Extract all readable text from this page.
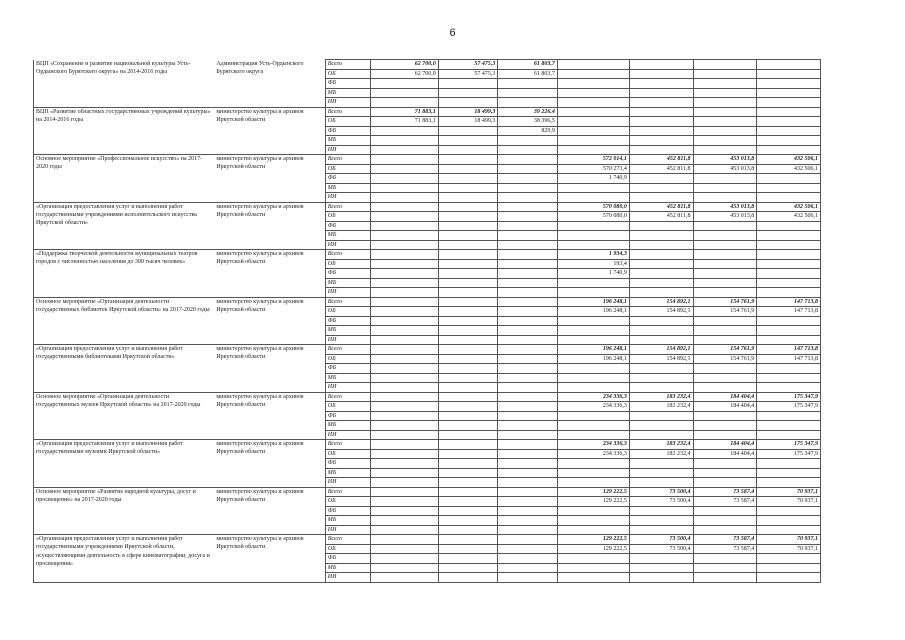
6
ВЦП «Сохранение и развитие национальной культуры Усть-Ордынского Бурятского округа» на 2014-2016 годы	Администрация Усть-Ордынского Бурятского округа	Всего	62 700,0	57 475,3	61 803,7				
		ОБ	62 700,0	57 475,3	61 803,7				
		ФБ							
		МБ							
		ИИ							
ВЦП «Развитие областных государственных учреждений культуры» на 2014-2016 годы	министерство культуры и архивов Иркутской области	Всего	71 883,1	18 499,3	39 226,4				
		ОБ	71 883,1	18 499,3	38 396,5				
		ФБ			829,9				
		МБ							
		ИИ							
Основное мероприятие «Профессиональное искусство» на 2017-2020 годы	министерство культуры и архивов Иркутской области	Всего				572 014,1	452 811,8	453 013,8	432 506,1
		ОБ				570 273,4	452 811,8	453 013,8	432 506,1
		ФБ				1 740,9			
		МБ							
		ИИ							
«Организация предоставления услуг и выполнения работ государственными учреждениями исполнительского искусства Иркутской области»	министерство культуры и архивов Иркутской области	Всего				570 080,0	452 811,8	453 013,8	432 506,1
		ОБ				570 080,0	452 811,8	453 013,8	432 506,1
		ФБ							
		МБ							
		ИИ							
«Поддержка творческой деятельности муниципальных театров городов с численностью населения до 300 тысяч человек»	министерство культуры и архивов Иркутской области	Всего				1 934,3			
		ОБ				193,4			
		ФБ				1 740,9			
		МБ							
		ИИ							
Основное мероприятие «Организация деятельности государственных библиотек Иркутской области» на 2017-2020 годы	министерство культуры и архивов Иркутской области	Всего				196 248,1	154 892,1	154 761,9	147 713,8
		ОБ				196 248,1	154 892,1	154 761,9	147 713,8
		ФБ							
		МБ							
		ИИ							
«Организация предоставления услуг и выполнения работ государственными библиотеками Иркутской области»	министерство культуры и архивов Иркутской области	Всего				196 248,1	154 892,1	154 761,9	147 713,8
		ОБ				196 248,1	154 892,1	154 761,9	147 713,8
		ФБ							
		МБ							
		ИИ							
Основное мероприятие «Организация деятельности государственных музеев Иркутской области» на 2017-2020 годы	министерство культуры и архивов Иркутской области	Всего				234 336,3	183 232,4	184 404,4	175 347,9
		ОБ				234 336,3	183 232,4	184 404,4	175 347,9
		ФБ							
		МБ							
		ИИ							
«Организация предоставления услуг и выполнения работ государственными музеями Иркутской области»	министерство культуры и архивов Иркутской области	Всего				234 336,3	183 232,4	184 404,4	175 347,9
		ОБ				234 336,3	183 232,4	184 404,4	175 347,9
		ФБ							
		МБ							
		ИИ							
Основное мероприятие «Развитие народной культуры, досуг и просвещение» на 2017-2020 годы	министерство культуры и архивов Иркутской области	Всего				129 222,5	73 500,4	73 587,4	70 937,1
		ОБ				129 222,5	73 500,4	73 587,4	70 937,1
		ФБ							
		МБ							
		ИИ							
«Организация предоставления услуг и выполнения работ государственными учреждениями Иркутской области, осуществляющими деятельность в сфере кинематографии, досуга и просвещения»	министерство культуры и архивов Иркутской области	Всего				129 222,5	73 500,4	73 587,4	70 937,1
		ОБ				129 222,5	73 500,4	73 587,4	70 937,1
		ФБ							
		МБ							
		ИИ							
